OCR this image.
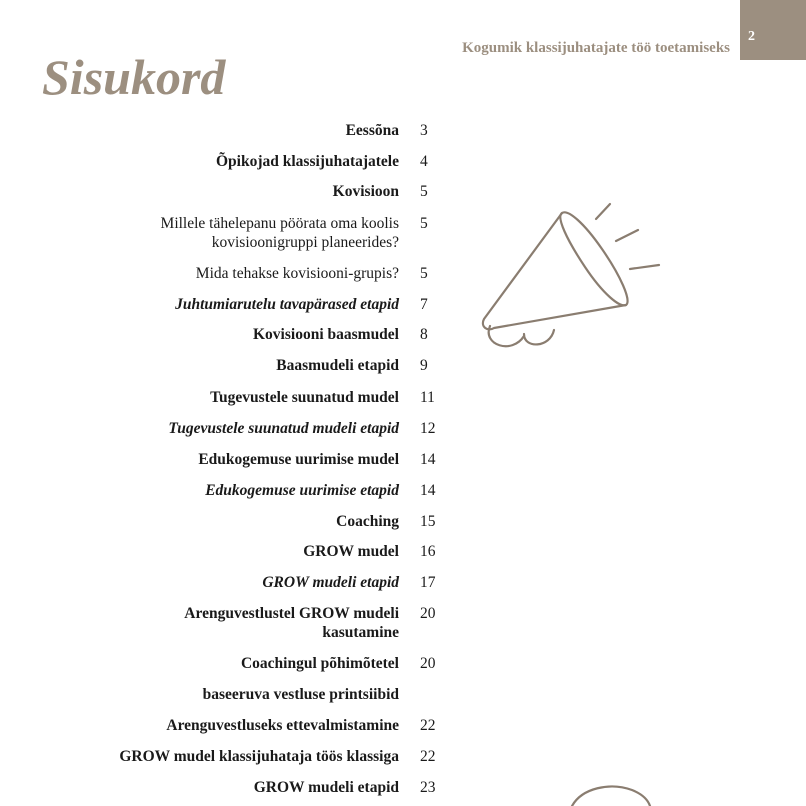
2
Kogumik klassijuhatajate töö toetamiseks
Sisukord
Eessõna 3
Õpikojad klassijuhatajatele 4
Kovisioon 5
Millele tähelepanu pöörata oma koolis kovisioonigruppi planeerides?
5
Mida tehakse kovisiooni-grupis? 5
Juhtumiarutelu tavapärased etapid 7
Kovisiooni baasmudel 8
Baasmudeli etapid 9
Tugevustele suunatud mudel 11
Tugevustele suunatud mudeli etapid 12
Edukogemuse uurimise mudel 14
Edukogemuse uurimise etapid 14
Coaching 15
GROW mudel 16
GROW mudeli etapid 17
Arenguvestlustel GROW mudeli kasutamine
20
Coachingul põhimõtetel 20
baseeruva vestluse printsiibid
Arenguvestluseks ettevalmistamine 22
GROW mudel klassijuhataja töös klassiga 22
GROW mudeli etapid 23
